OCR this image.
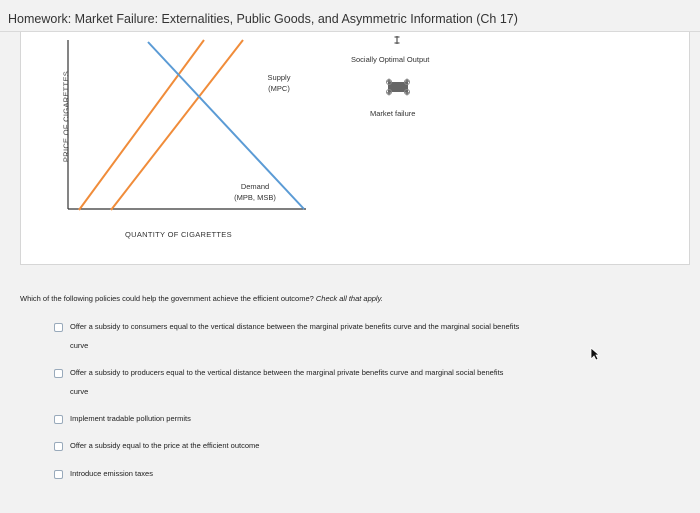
Homework: Market Failure: Externalities, Public Goods, and Asymmetric Information (Ch 17)
PRICE OF CIGARETTES
QUANTITY OF CIGARETTES
Supply
(MPC)
Demand
(MPB, MSB)
Socially Optimal Output
Market failure
Which of the following policies could help the government achieve the efficient outcome? Check all that apply.
Offer a subsidy to consumers equal to the vertical distance between the marginal private benefits curve and the marginal social benefits
curve
Offer a subsidy to producers equal to the vertical distance between the marginal private benefits curve and marginal social benefits
curve
Implement tradable pollution permits
Offer a subsidy equal to the price at the efficient outcome
Introduce emission taxes
